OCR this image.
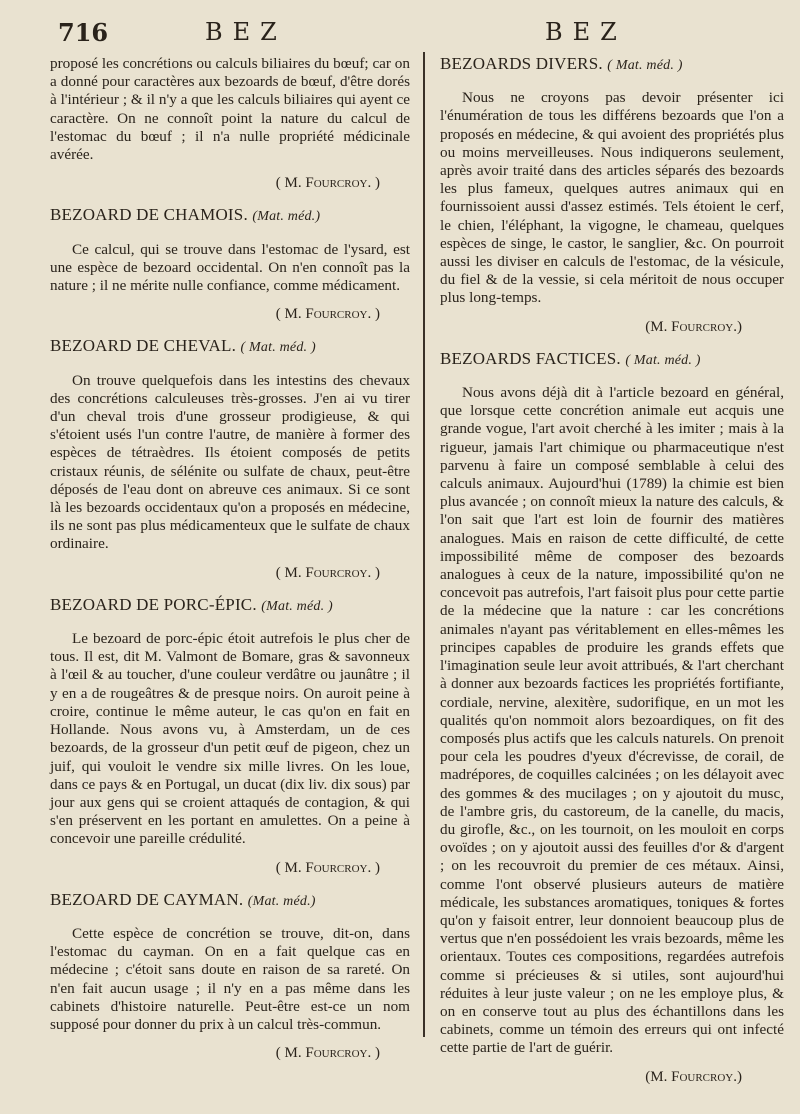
716	BEZ	BEZ

proposé les concrétions ou calculs biliaires du bœuf; car on a donné pour caractères aux bezoards de bœuf, d'être dorés à l'intérieur ; & il n'y a que les calculs biliaires qui ayent ce caractère. On ne connoît point la nature du calcul de l'estomac du bœuf ; il n'a nulle propriété médicinale avérée.

( M. Fourcroy. )

BEZOARD DE CHAMOIS. (Mat. méd.)

Ce calcul, qui se trouve dans l'estomac de l'ysard, est une espèce de bezoard occidental. On n'en connoît pas la nature ; il ne mérite nulle confiance, comme médicament.

( M. Fourcroy. )

BEZOARD DE CHEVAL. ( Mat. méd. )

On trouve quelquefois dans les intestins des chevaux des concrétions calculeuses très-grosses. J'en ai vu tirer d'un cheval trois d'une grosseur prodigieuse, & qui s'étoient usés l'un contre l'autre, de manière à former des espèces de tétraèdres. Ils étoient composés de petits cristaux réunis, de sélénite ou sulfate de chaux, peut-être déposés de l'eau dont on abreuve ces animaux. Si ce sont là les bezoards occidentaux qu'on a proposés en médecine, ils ne sont pas plus médicamenteux que le sulfate de chaux ordinaire.

( M. Fourcroy. )

BEZOARD DE PORC-ÉPIC. (Mat. méd. )

Le bezoard de porc-épic étoit autrefois le plus cher de tous. Il est, dit M. Valmont de Bomare, gras & savonneux à l'œil & au toucher, d'une couleur verdâtre ou jaunâtre ; il y en a de rougeâtres & de presque noirs. On auroit peine à croire, continue le même auteur, le cas qu'on en fait en Hollande. Nous avons vu, à Amsterdam, un de ces bezoards, de la grosseur d'un petit œuf de pigeon, chez un juif, qui vouloit le vendre six mille livres. On les loue, dans ce pays & en Portugal, un ducat (dix liv. dix sous) par jour aux gens qui se croient attaqués de contagion, & qui s'en préservent en les portant en amulettes. On a peine à concevoir une pareille crédulité.

( M. Fourcroy. )

BEZOARD DE CAYMAN. (Mat. méd.)

Cette espèce de concrétion se trouve, dit-on, dans l'estomac du cayman. On en a fait quelque cas en médecine ; c'étoit sans doute en raison de sa rareté. On n'en fait aucun usage ; il n'y en a pas même dans les cabinets d'histoire naturelle. Peut-être est-ce un nom supposé pour donner du prix à un calcul très-commun.

( M. Fourcroy. )

BEZOARDS DIVERS. ( Mat. méd. )

Nous ne croyons pas devoir présenter ici l'énumération de tous les différens bezoards que l'on a proposés en médecine, & qui avoient des propriétés plus ou moins merveilleuses. Nous indiquerons seulement, après avoir traité dans des articles séparés des bezoards les plus fameux, quelques autres animaux qui en fournissoient aussi d'assez estimés. Tels étoient le cerf, le chien, l'éléphant, la vigogne, le chameau, quelques espèces de singe, le castor, le sanglier, &c. On pourroit aussi les diviser en calculs de l'estomac, de la vésicule, du fiel & de la vessie, si cela méritoit de nous occuper plus long-temps.

(M. Fourcroy.)

BEZOARDS FACTICES. ( Mat. méd. )

Nous avons déjà dit à l'article bezoard en général, que lorsque cette concrétion animale eut acquis une grande vogue, l'art avoit cherché à les imiter ; mais à la rigueur, jamais l'art chimique ou pharmaceutique n'est parvenu à faire un composé semblable à celui des calculs animaux. Aujourd'hui (1789) la chimie est bien plus avancée ; on connoît mieux la nature des calculs, & l'on sait que l'art est loin de fournir des matières analogues. Mais en raison de cette difficulté, de cette impossibilité même de composer des bezoards analogues à ceux de la nature, impossibilité qu'on ne concevoit pas autrefois, l'art faisoit plus pour cette partie de la médecine que la nature : car les concrétions animales n'ayant pas véritablement en elles-mêmes les principes capables de produire les grands effets que l'imagination seule leur avoit attribués, & l'art cherchant à donner aux bezoards factices les propriétés fortifiante, cordiale, nervine, alexitère, sudorifique, en un mot les qualités qu'on nommoit alors bezoardiques, on fit des composés plus actifs que les calculs naturels. On prenoit pour cela les poudres d'yeux d'écrevisse, de corail, de madrépores, de coquilles calcinées ; on les délayoit avec des gommes & des mucilages ; on y ajoutoit du musc, de l'ambre gris, du castoreum, de la canelle, du macis, du girofle, &c., on les tournoit, on les mouloit en corps ovoïdes ; on y ajoutoit aussi des feuilles d'or & d'argent ; on les recouvroit du premier de ces métaux. Ainsi, comme l'ont observé plusieurs auteurs de matière médicale, les substances aromatiques, toniques & fortes qu'on y faisoit entrer, leur donnoient beaucoup plus de vertus que n'en possédoient les vrais bezoards, même les orientaux. Toutes ces compositions, regardées autrefois comme si précieuses & si utiles, sont aujourd'hui réduites à leur juste valeur ; on ne les employe plus, & on en conserve tout au plus des échantillons dans les cabinets, comme un témoin des erreurs qui ont infecté cette partie de l'art de guérir.

(M. Fourcroy.)
